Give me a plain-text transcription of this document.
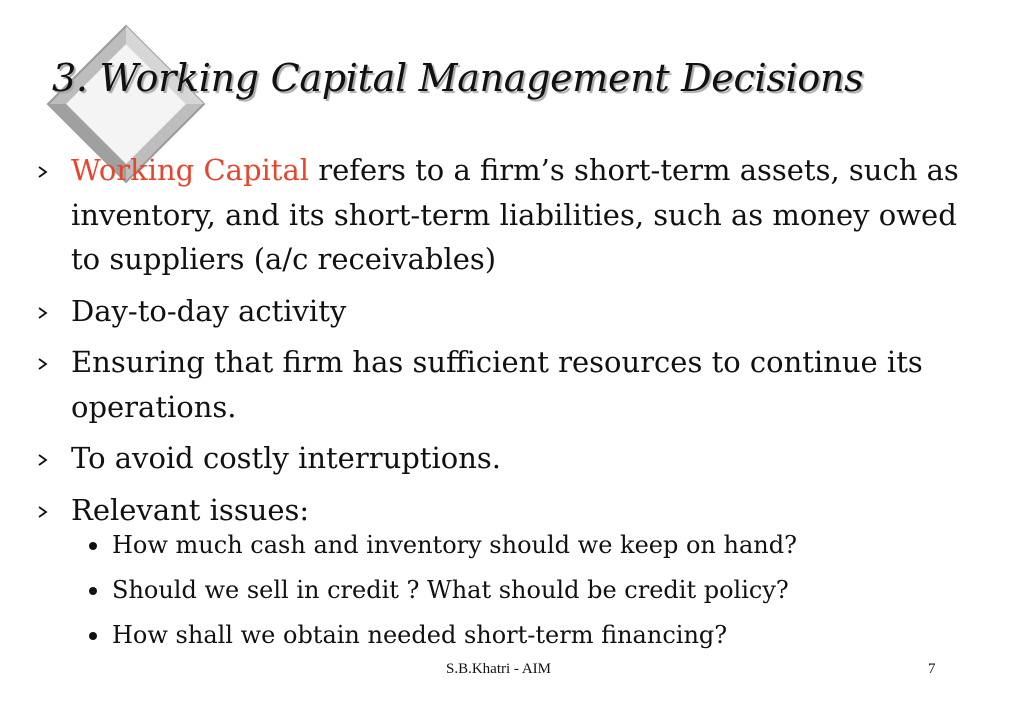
3. Working Capital Management Decisions
Working Capital refers to a firm’s short-term assets, such as inventory, and its short-term liabilities, such as money owed to suppliers (a/c receivables)
Day-to-day activity
Ensuring that firm has sufficient resources to continue its operations.
To avoid costly interruptions.
Relevant issues:
How much cash and inventory should we keep on hand?
Should we sell in credit ? What should be credit policy?
How shall we obtain needed short-term financing?
S.B.Khatri - AIM	7
